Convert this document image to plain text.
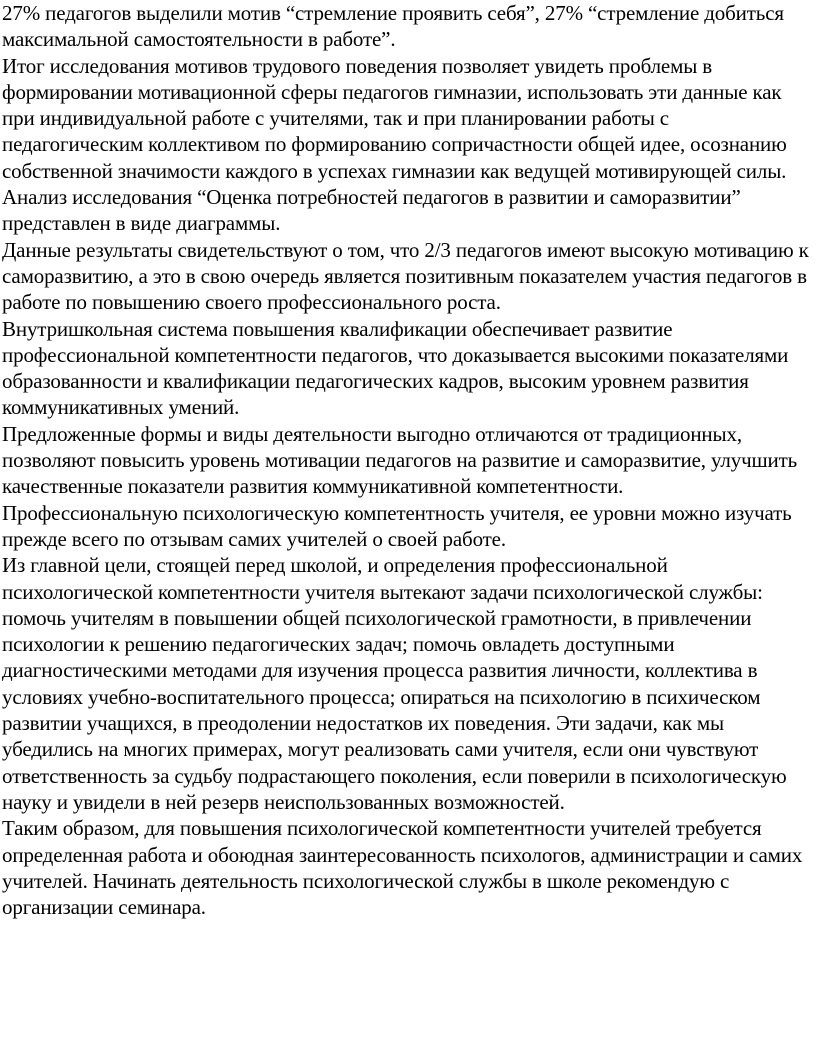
27% педагогов выделили мотив “стремление проявить себя”, 27% “стремление добиться максимальной самостоятельности в работе”.

Итог исследования мотивов трудового поведения позволяет увидеть проблемы в формировании мотивационной сферы педагогов гимназии, использовать эти данные как при индивидуальной работе с учителями, так и при планировании работы с педагогическим коллективом по формированию сопричастности общей идее, осознанию собственной значимости каждого в успехах гимназии как ведущей мотивирующей силы.

Анализ исследования “Оценка потребностей педагогов в развитии и саморазвитии” представлен в виде диаграммы.

Данные результаты свидетельствуют о том, что 2/3 педагогов имеют высокую мотивацию к саморазвитию, а это в свою очередь является позитивным показателем участия педагогов в работе по повышению своего профессионального роста.

Внутришкольная система повышения квалификации обеспечивает развитие профессиональной компетентности педагогов, что доказывается высокими показателями образованности и квалификации педагогических кадров, высоким уровнем развития коммуникативных умений.

Предложенные формы и виды деятельности выгодно отличаются от традиционных, позволяют повысить уровень мотивации педагогов на развитие и саморазвитие, улучшить качественные показатели развития коммуникативной компетентности.

Профессиональную психологическую компетентность учителя, ее уровни можно изучать прежде всего по отзывам самих учителей о своей работе.

Из главной цели, стоящей перед школой, и определения профессиональной психологической компетентности учителя вытекают задачи психологической службы: помочь учителям в повышении общей психологической грамотности, в привлечении психологии к решению педагогических задач; помочь овладеть доступными диагностическими методами для изучения процесса развития личности, коллектива в условиях учебно-воспитательного процесса; опираться на психологию в психическом развитии учащихся, в преодолении недостатков их поведения. Эти задачи, как мы убедились на многих примерах, могут реализовать сами учителя, если они чувствуют ответственность за судьбу подрастающего поколения, если поверили в психологическую науку и увидели в ней резерв неиспользованных возможностей.

Таким образом, для повышения психологической компетентности учителей требуется определенная работа и обоюдная заинтересованность психологов, администрации и самих учителей. Начинать деятельность психологической службы в школе рекомендую с организации семинара.
